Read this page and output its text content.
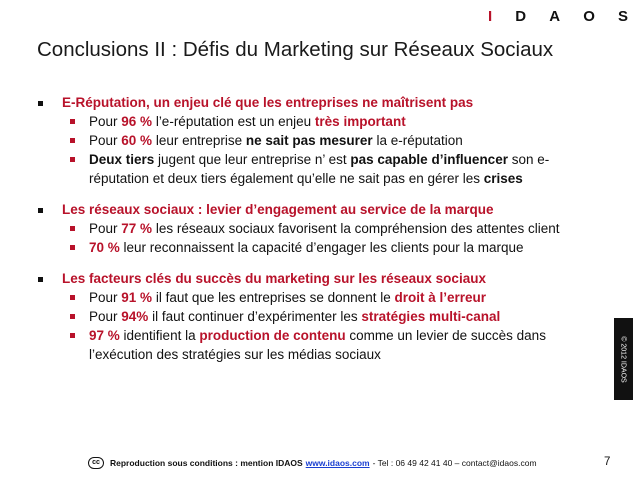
I D A O S
Conclusions II : Défis du Marketing sur Réseaux Sociaux
E-Réputation, un enjeu clé que les entreprises ne maîtrisent pas
Pour 96 % l’e-réputation est un enjeu très important
Pour 60 % leur entreprise ne sait pas mesurer la e-réputation
Deux tiers jugent que leur entreprise n’ est pas capable d’influencer son e-réputation et deux tiers également qu’elle ne sait pas en gérer les crises
Les réseaux sociaux : levier d’engagement au service de la marque
Pour 77 % les réseaux sociaux favorisent la compréhension des attentes client
70 % leur reconnaissent la capacité d’engager les clients pour la marque
Les facteurs clés du succès du marketing sur les réseaux sociaux
Pour 91 % il faut que les entreprises se donnent le droit à l’erreur
Pour 94% il faut continuer d’expérimenter les stratégies multi-canal
97 % identifient la production de contenu comme un levier de succès dans l’exécution des stratégies sur les médias sociaux	© 2012 IDAOS
cc	Reproduction sous conditions : mention IDAOS www.idaos.com - Tel : 06 49 42 41 40 – contact@idaos.com	7
